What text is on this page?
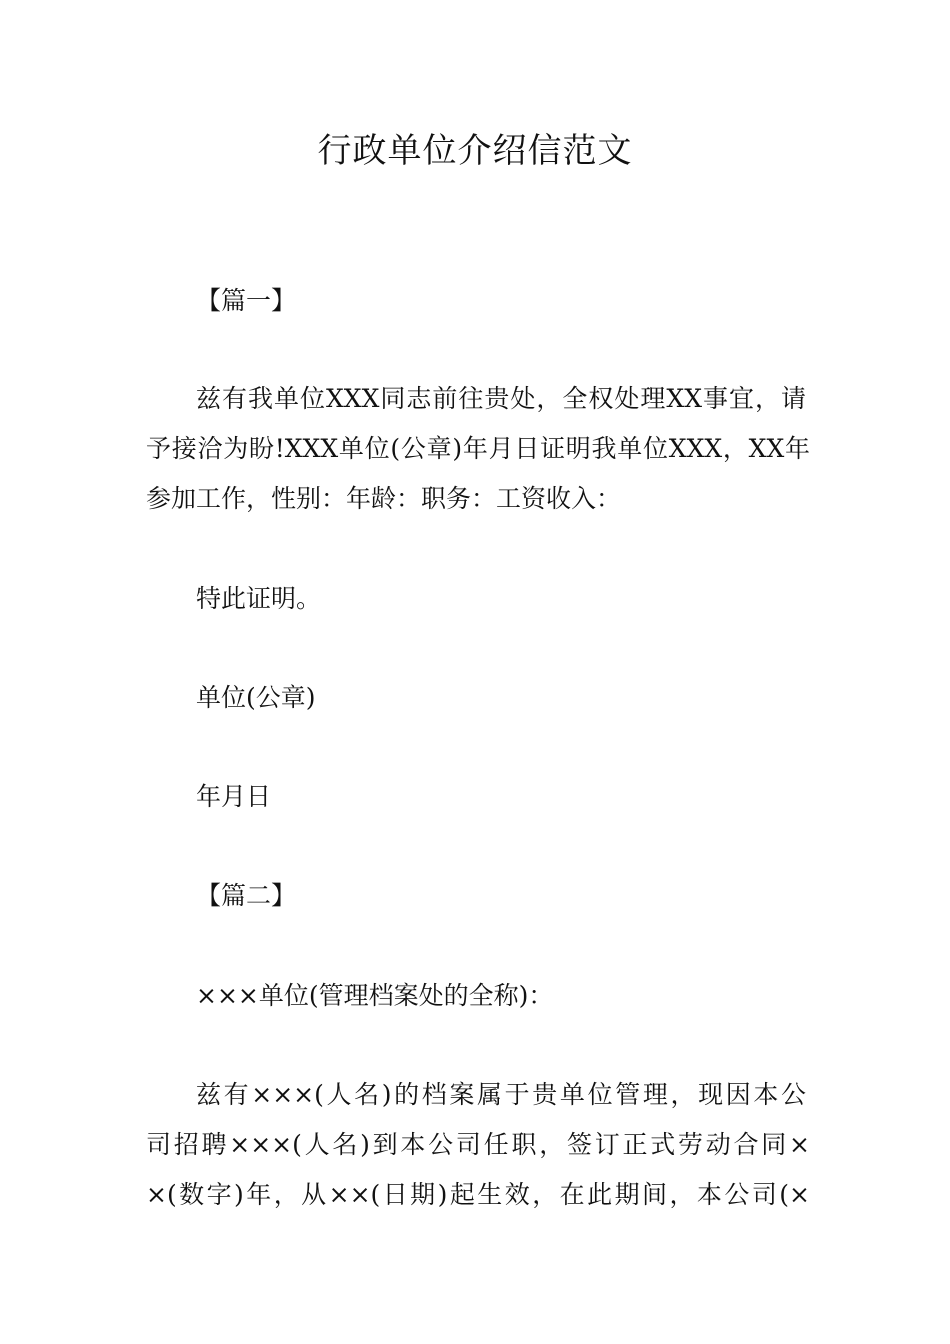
行政单位介绍信范文
【篇一】
兹有我单位XXX同志前往贵处，全权处理XX事宜，请
予接洽为盼!XXX单位(公章)年月日证明我单位XXX，XX年
参加工作，性别：年龄：职务：工资收入：
特此证明。
单位(公章)
年月日
【篇二】
×××单位(管理档案处的全称)：
兹有×××(人名)的档案属于贵单位管理，现因本公
司招聘×××(人名)到本公司任职，签订正式劳动合同×
×(数字)年，从××(日期)起生效，在此期间，本公司(×
